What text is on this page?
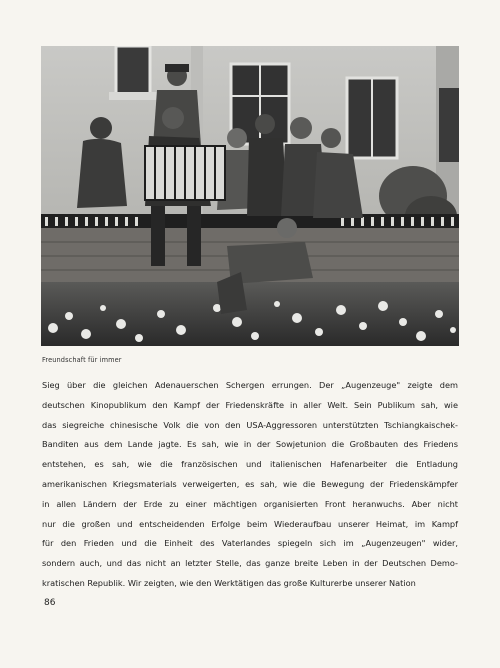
Freundschaft für immer
Sieg über die gleichen Adenauerschen Schergen errungen. Der „Augenzeuge" zeigte dem
deutschen Kinopublikum den Kampf der Friedenskräfte in aller Welt. Sein Publikum sah, wie
das siegreiche chinesische Volk die von den USA-Aggressoren unterstützten Tschiangkaischek-
Banditen aus dem Lande jagte. Es sah, wie in der Sowjetunion die Großbauten des Friedens
entstehen, es sah, wie die französischen und italienischen Hafenarbeiter die Entladung
amerikanischen Kriegsmaterials verweigerten, es sah, wie die Bewegung der Friedenskämpfer
in allen Ländern der Erde zu einer mächtigen organisierten Front heranwuchs. Aber nicht
nur die großen und entscheidenden Erfolge beim Wiederaufbau unserer Heimat, im Kampf
für den Frieden und die Einheit des Vaterlandes spiegeln sich im „Augenzeugen" wider,
sondern auch, und das nicht an letzter Stelle, das ganze breite Leben in der Deutschen Demo-
kratischen Republik. Wir zeigten, wie den Werktätigen das große Kulturerbe unserer Nation
86
